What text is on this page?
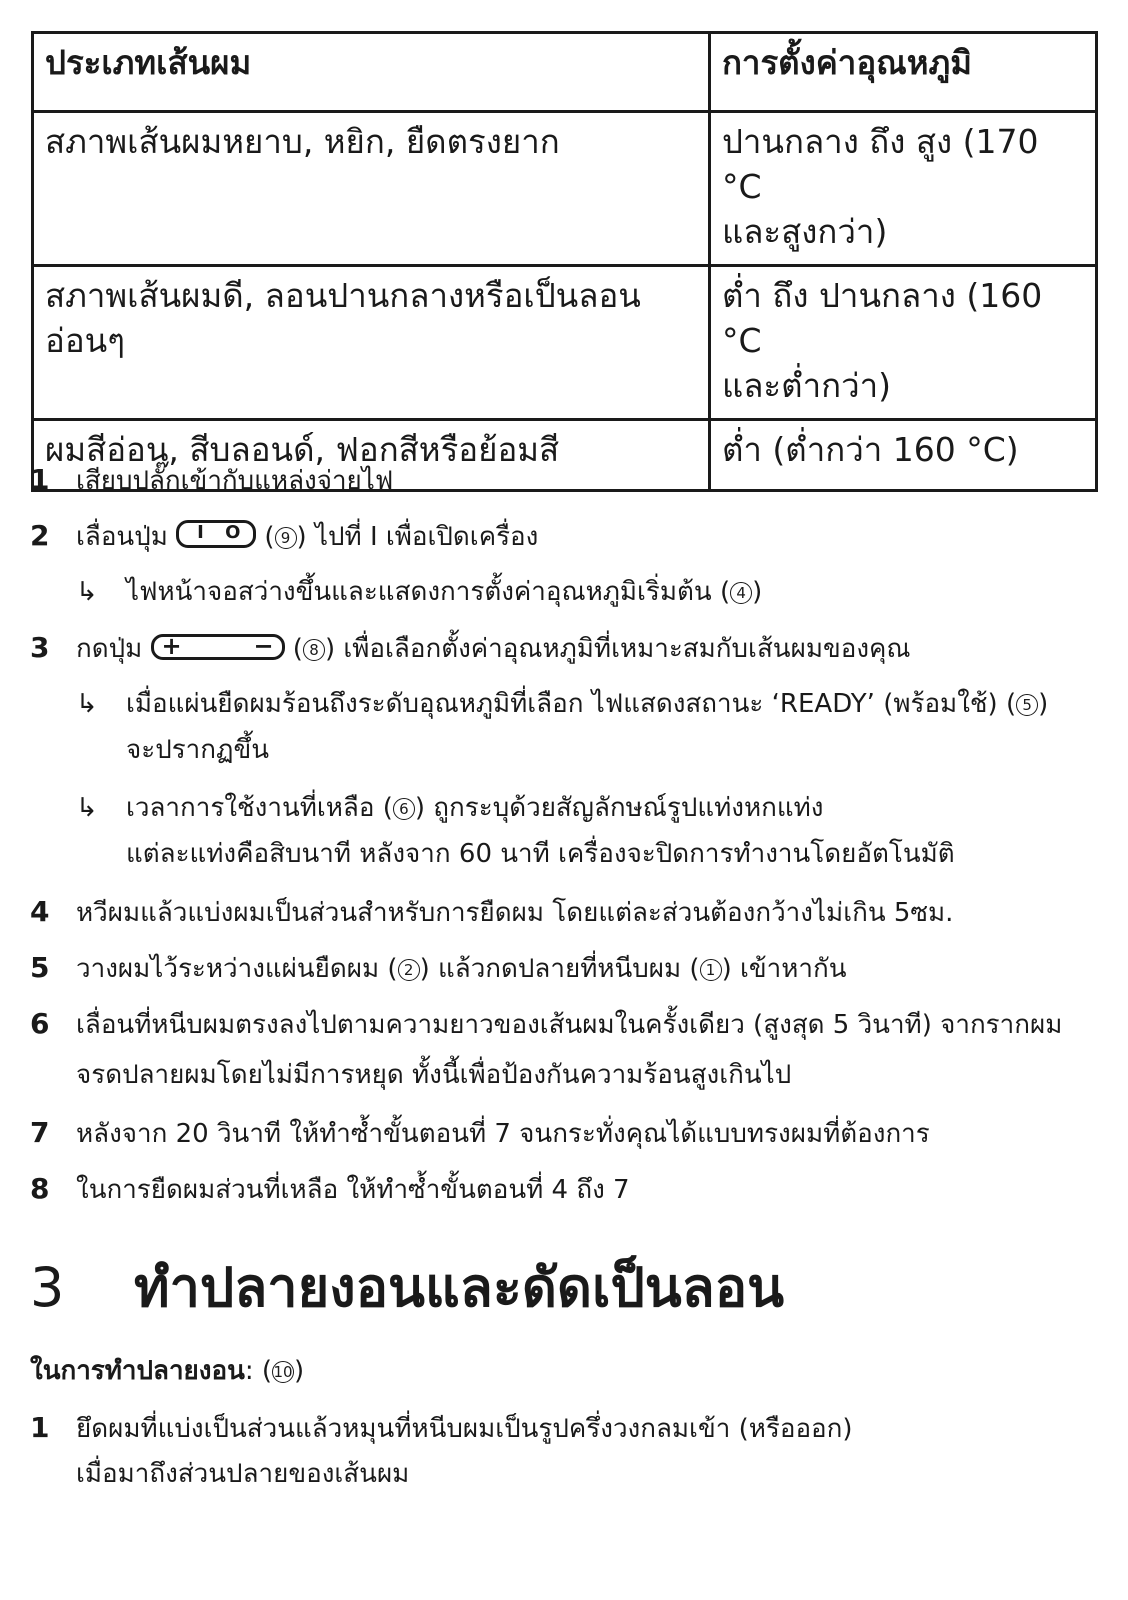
ประเภทเส้นผม	การตั้งค่าอุณหภูมิ
สภาพเส้นผมหยาบ, หยิก, ยืดตรงยาก	ปานกลาง ถึง สูง (170 °C
และสูงกว่า)
สภาพเส้นผมดี, ลอนปานกลางหรือเป็นลอนอ่อนๆ	ต่ำ ถึง ปานกลาง (160 °C
และต่ำกว่า)
ผมสีอ่อน, สีบลอนด์, ฟอกสีหรือย้อมสี	ต่ำ (ต่ำกว่า 160 °C)
1 เสียบปลั๊กเข้ากับแหล่งจ่ายไฟ
2 เลื่อนปุ่ม I O ( 9 ) ไปที่ I เพื่อเปิดเครื่อง
↳ ไฟหน้าจอสว่างขึ้นและแสดงการตั้งค่าอุณหภูมิเริ่มต้น ( 4 )
3 กดปุ่ม +	− ( 8 ) เพื่อเลือกตั้งค่าอุณหภูมิที่เหมาะสมกับเส้นผมของคุณ
↳ เมื่อแผ่นยืดผมร้อนถึงระดับอุณหภูมิที่เลือก ไฟแสดงสถานะ ‘READY’ (พร้อมใช้) ( 5 )
จะปรากฏขึ้น
↳ เวลาการใช้งานที่เหลือ ( 6 ) ถูกระบุด้วยสัญลักษณ์รูปแท่งหกแท่ง
แต่ละแท่งคือสิบนาที หลังจาก 60 นาที เครื่องจะปิดการทำงานโดยอัตโนมัติ
4 หวีผมแล้วแบ่งผมเป็นส่วนสำหรับการยืดผม โดยแต่ละส่วนต้องกว้างไม่เกิน 5ซม.
5 วางผมไว้ระหว่างแผ่นยืดผม ( 2 ) แล้วกดปลายที่หนีบผม ( 1 ) เข้าหากัน
6 เลื่อนที่หนีบผมตรงลงไปตามความยาวของเส้นผมในครั้งเดียว (สูงสุด 5 วินาที) จากรากผม
จรดปลายผมโดยไม่มีการหยุด ทั้งนี้เพื่อป้องกันความร้อนสูงเกินไป
7 หลังจาก 20 วินาที ให้ทำซ้ำขั้นตอนที่ 7 จนกระทั่งคุณได้แบบทรงผมที่ต้องการ
8 ในการยืดผมส่วนที่เหลือ ให้ทำซ้ำขั้นตอนที่ 4 ถึง 7
3 ทำปลายงอนและดัดเป็นลอน
ในการทำปลายงอน: (10)
1 ยึดผมที่แบ่งเป็นส่วนแล้วหมุนที่หนีบผมเป็นรูปครึ่งวงกลมเข้า (หรือออก)
เมื่อมาถึงส่วนปลายของเส้นผม
